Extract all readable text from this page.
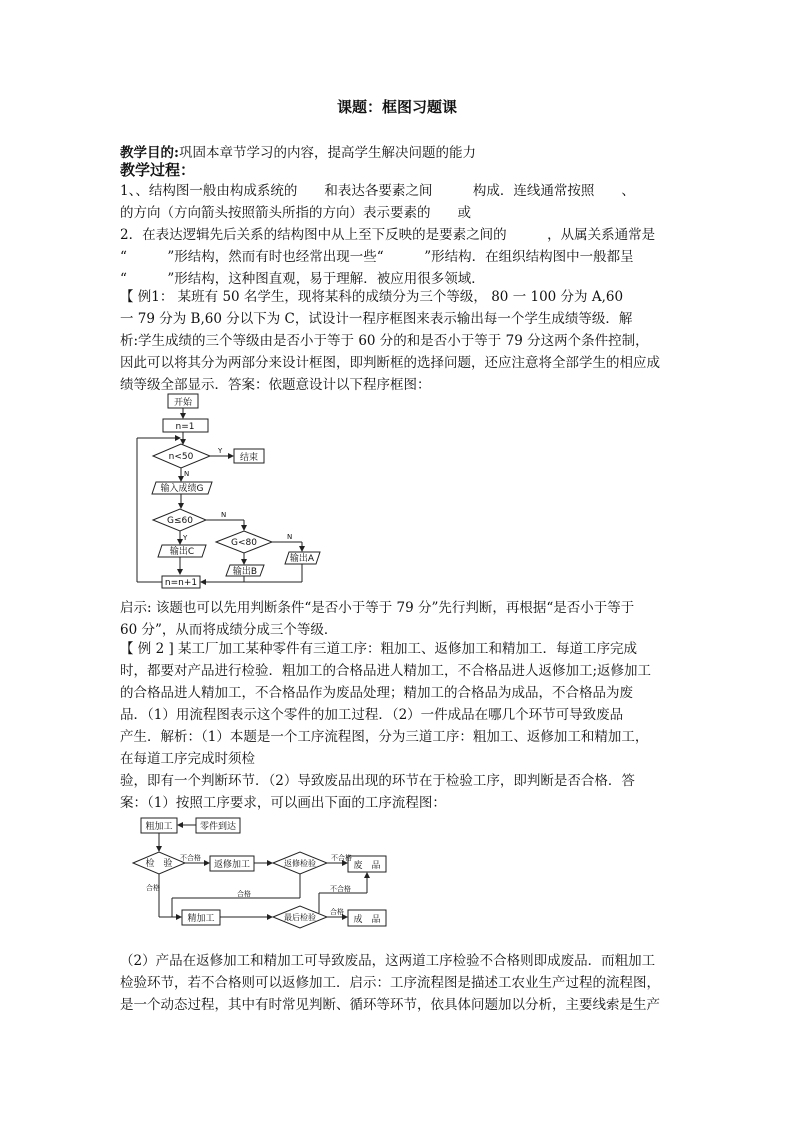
课题：框图习题课
教学目的:巩固本章节学习的内容，提高学生解决问题的能力
教学过程：
1、、结构图一般由构成系统的　　和表达各要素之间　　　构成．连线通常按照　　、
的方向（方向箭头按照箭头所指的方向）表示要素的　　或
2．在表达逻辑先后关系的结构图中从上至下反映的是要素之间的　　　，从属关系通常是
“　　　”形结构，然而有时也经常出现一些“　　　”形结构．在组织结构图中一般都呈
“　　　”形结构，这种图直观，易于理解．被应用很多领域．
【 例1： 某班有 50 名学生，现将某科的成绩分为三个等级， 80 一 100 分为 A,60
一 79 分为 B,60 分以下为 C，试设计一程序框图来表示输出每一个学生成绩等级．解
析:学生成绩的三个等级由是否小于等于 60 分的和是否小于等于 79 分这两个条件控制，
因此可以将其分为两部分来设计框图，即判断框的选择问题，还应注意将全部学生的相应成
绩等级全部显示．答案：依题意设计以下程序框图：
开始
n=1
n<50
Y
结束
N
输入成绩G
G≤60
N
Y
输出C
G<80
N
输出B
输出A
n=n+1
启示: 该题也可以先用判断条件“是否小于等于 79 分”先行判断，再根据“是否小于等于
60 分”，从而将成绩分成三个等级．
【 例 2 ] 某工厂加工某种零件有三道工序：粗加工、返修加工和精加工．每道工序完成
时，都要对产品进行检验．粗加工的合格品进人精加工，不合格品进人返修加工;返修加工
的合格品进人精加工，不合格品作为废品处理；精加工的合格品为成品，不合格品为废
品．（1）用流程图表示这个零件的加工过程．（2）一件成品在哪几个环节可导致废品
产生．解析：（1）本题是一个工序流程图，分为三道工序：粗加工、返修加工和精加工，
在每道工序完成时须检
验，即有一个判断环节．（2）导致废品出现的环节在于检验工序，即判断是否合格．答
案：（1）按照工序要求，可以画出下面的工序流程图：
粗加工	零件到达
检　验
不合格
返修加工	返修检验
不合格
废　品
合格
合格
不合格
合格
精加工	最后检验	成　品
（2）产品在返修加工和精加工可导致废品，这两道工序检验不合格则即成废品．而粗加工
检验环节，若不合格则可以返修加工．启示：工序流程图是描述工农业生产过程的流程图，
是一个动态过程，其中有时常见判断、循环等环节，依具体问题加以分析，主要线索是生产
